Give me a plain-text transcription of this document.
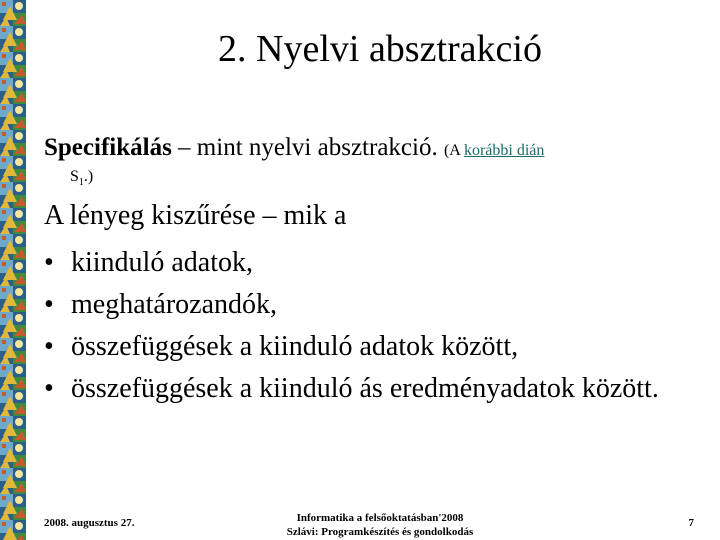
2. Nyelvi absztrakció
Specifikálás – mint nyelvi absztrakció. (A korábbi dián
$S_1$.)
A lényeg kiszűrése – mik a
• kiinduló adatok,
• meghatározandók,
• összefüggések a kiinduló adatok között,
• összefüggések a kiinduló ás eredményadatok között.
2008. augusztus 27.	Informatika a felsőoktatásban'2008
Szlávi: Programkészítés és gondolkodás
7
